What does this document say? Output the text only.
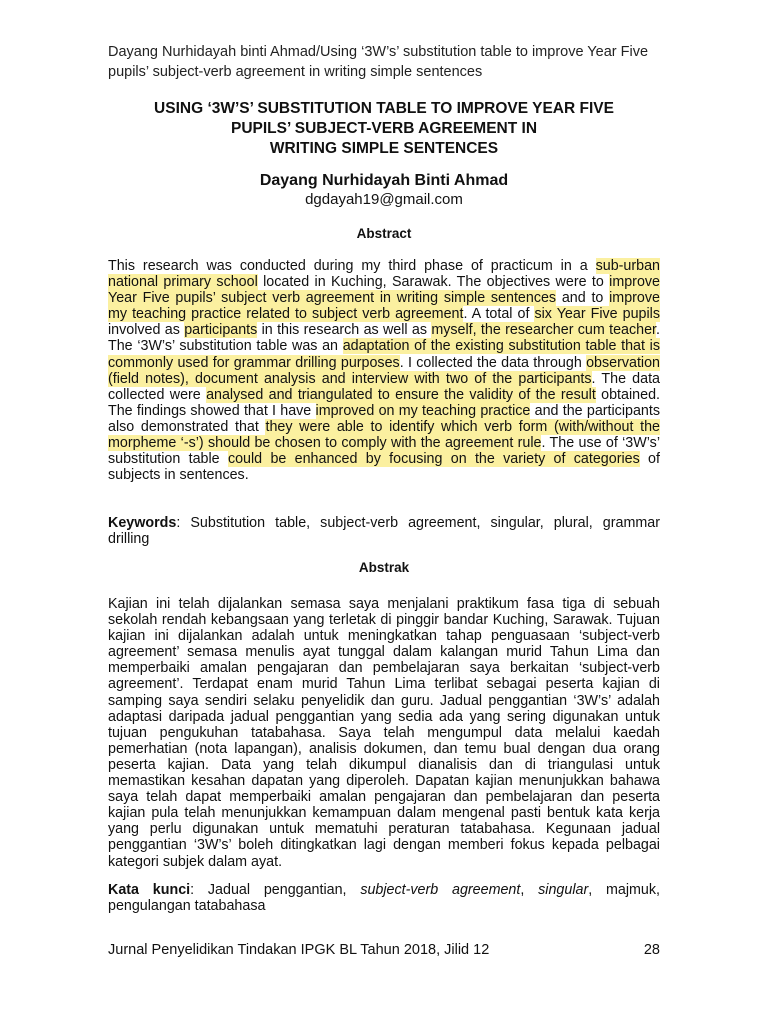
Dayang Nurhidayah binti Ahmad/Using ‘3W’s’ substitution table to improve Year Five pupils’ subject-verb agreement in writing simple sentences
USING ‘3W’S’ SUBSTITUTION TABLE TO IMPROVE YEAR FIVE
PUPILS’ SUBJECT-VERB AGREEMENT IN
WRITING SIMPLE SENTENCES
Dayang Nurhidayah Binti Ahmad
dgdayah19@gmail.com
Abstract

This research was conducted during my third phase of practicum in a sub-urban national primary school located in Kuching, Sarawak. The objectives were to improve Year Five pupils’ subject verb agreement in writing simple sentences and to improve my teaching practice related to subject verb agreement. A total of six Year Five pupils involved as participants in this research as well as myself, the researcher cum teacher. The ‘3W’s’ substitution table was an adaptation of the existing substitution table that is commonly used for grammar drilling purposes. I collected the data through observation (field notes), document analysis and interview with two of the participants. The data collected were analysed and triangulated to ensure the validity of the result obtained. The findings showed that I have improved on my teaching practice and the participants also demonstrated that they were able to identify which verb form (with/without the morpheme ‘-s’) should be chosen to comply with the agreement rule. The use of ‘3W’s’ substitution table could be enhanced by focusing on the variety of categories of subjects in sentences.

Keywords: Substitution table, subject-verb agreement, singular, plural, grammar drilling

Abstrak

Kajian ini telah dijalankan semasa saya menjalani praktikum fasa tiga di sebuah sekolah rendah kebangsaan yang terletak di pinggir bandar Kuching, Sarawak. Tujuan kajian ini dijalankan adalah untuk meningkatkan tahap penguasaan ‘subject-verb agreement’ semasa menulis ayat tunggal dalam kalangan murid Tahun Lima dan memperbaiki amalan pengajaran dan pembelajaran saya berkaitan ‘subject-verb agreement’. Terdapat enam murid Tahun Lima terlibat sebagai peserta kajian di samping saya sendiri selaku penyelidik dan guru. Jadual penggantian ‘3W’s’ adalah adaptasi daripada jadual penggantian yang sedia ada yang sering digunakan untuk tujuan pengukuhan tatabahasa. Saya telah mengumpul data melalui kaedah pemerhatian (nota lapangan), analisis dokumen, dan temu bual dengan dua orang peserta kajian. Data yang telah dikumpul dianalisis dan di triangulasi untuk memastikan kesahan dapatan yang diperoleh. Dapatan kajian menunjukkan bahawa saya telah dapat memperbaiki amalan pengajaran dan pembelajaran dan peserta kajian pula telah menunjukkan kemampuan dalam mengenal pasti bentuk kata kerja yang perlu digunakan untuk mematuhi peraturan tatabahasa. Kegunaan jadual penggantian ‘3W’s’ boleh ditingkatkan lagi dengan memberi fokus kepada pelbagai kategori subjek dalam ayat.

Kata kunci: Jadual penggantian, subject-verb agreement, singular, majmuk, pengulangan tatabahasa

Jurnal Penyelidikan Tindakan IPGK BL Tahun 2018, Jilid 12	28
